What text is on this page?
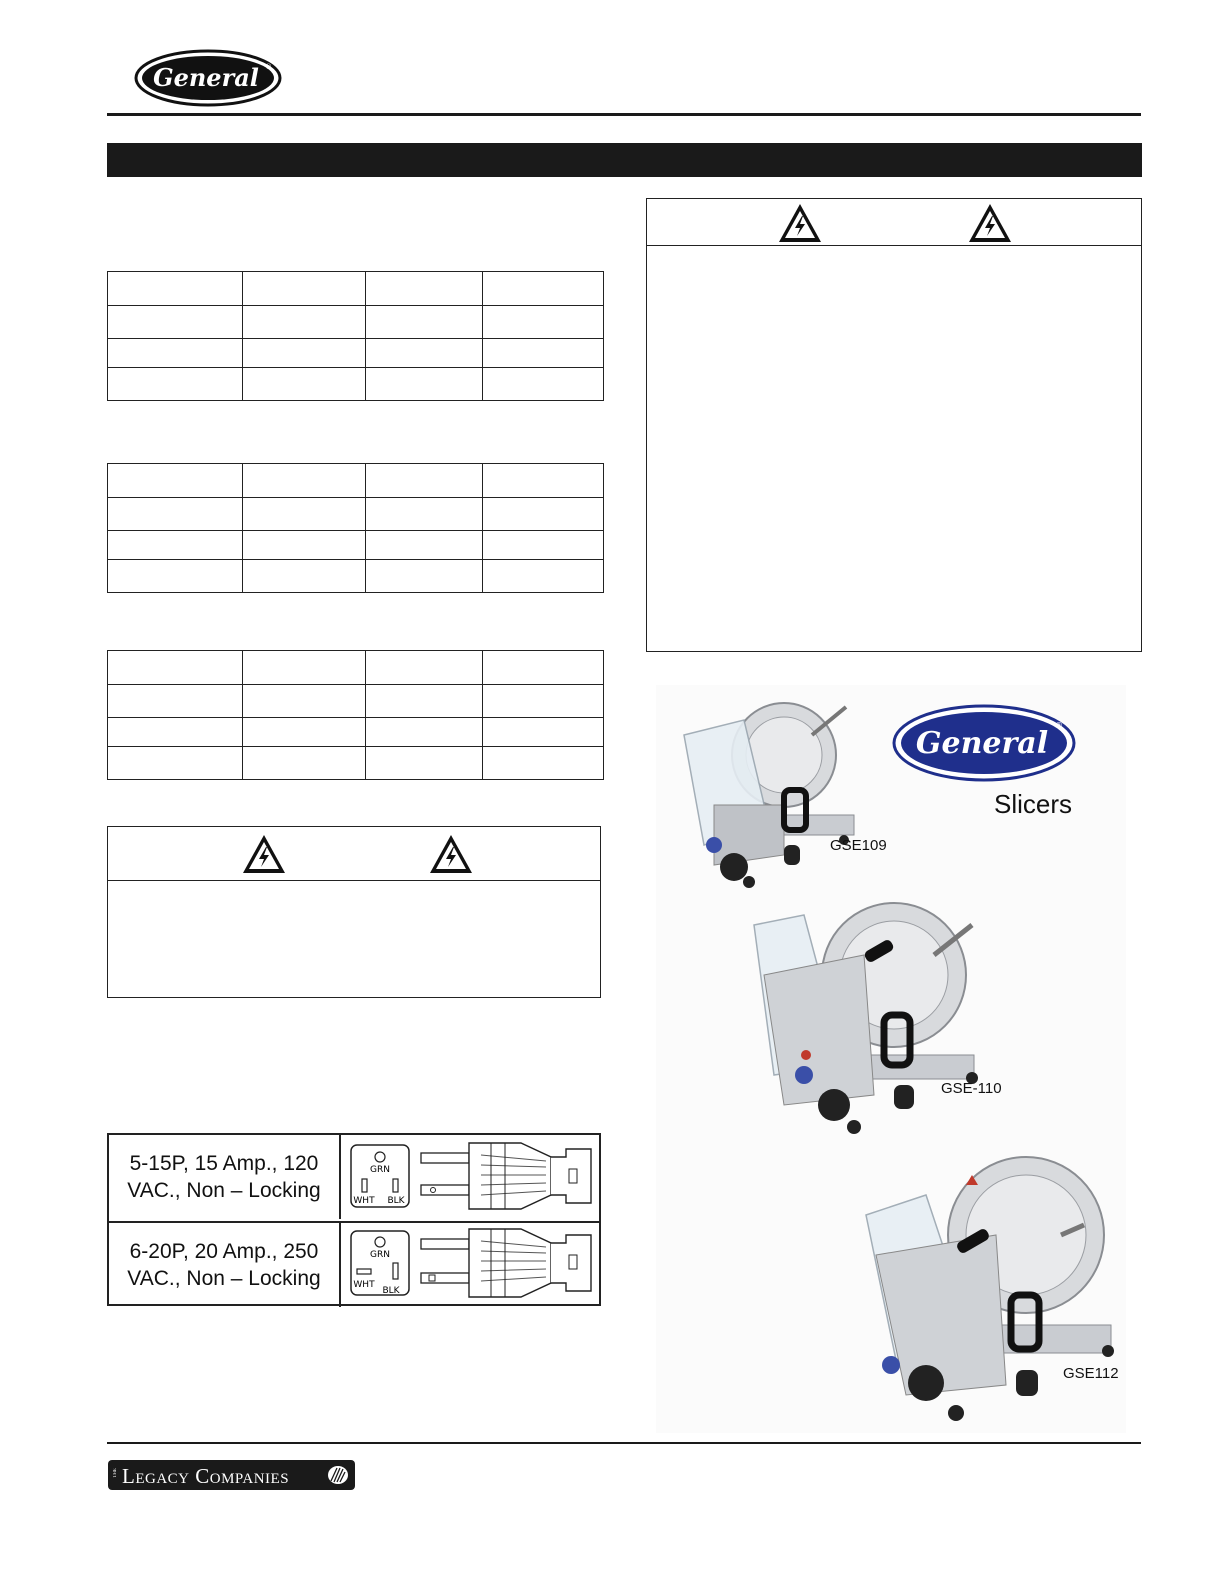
General ®

5-15P, 15 Amp., 120
VAC., Non – Locking
GRN
WHT BLK
6-20P, 20 Amp., 250
VAC., Non – Locking
GRN
WHT
BLK
General
®
Slicers
GSE109
GSE-110
GSE112
THE Legacy Companies
